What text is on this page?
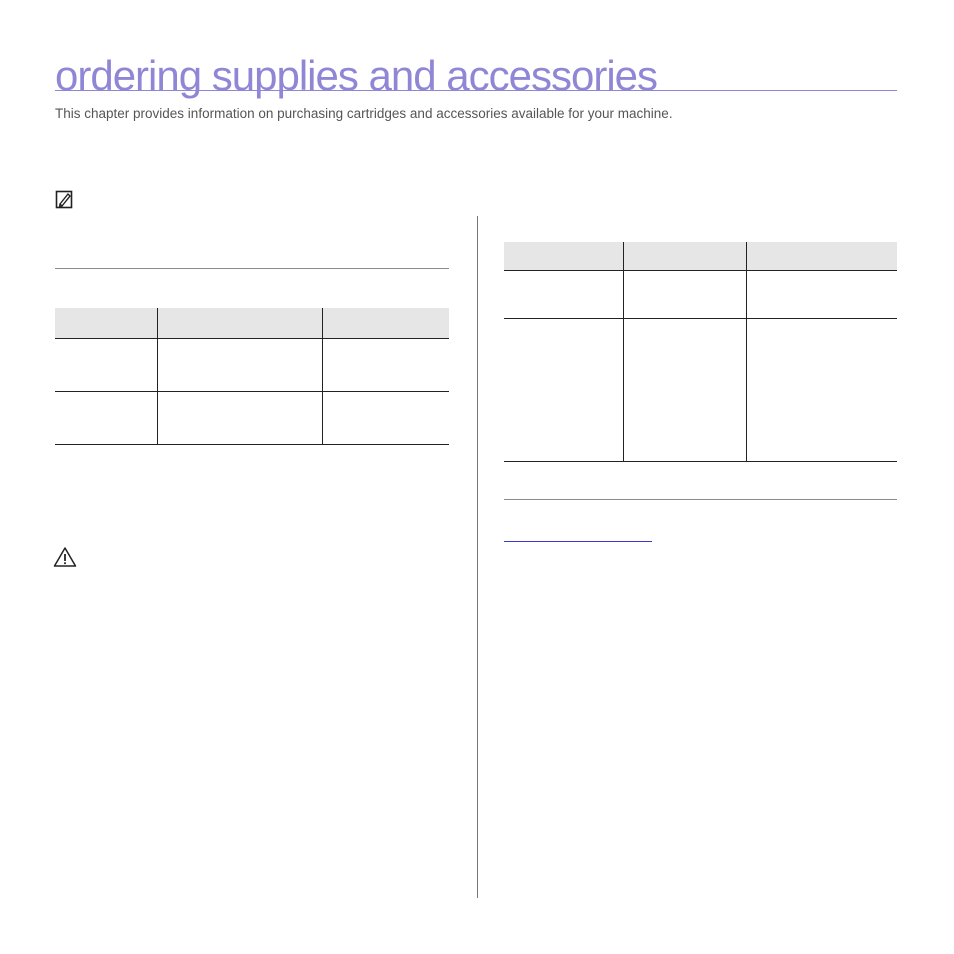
ordering supplies and accessories
This chapter provides information on purchasing cartridges and accessories available for your machine.
